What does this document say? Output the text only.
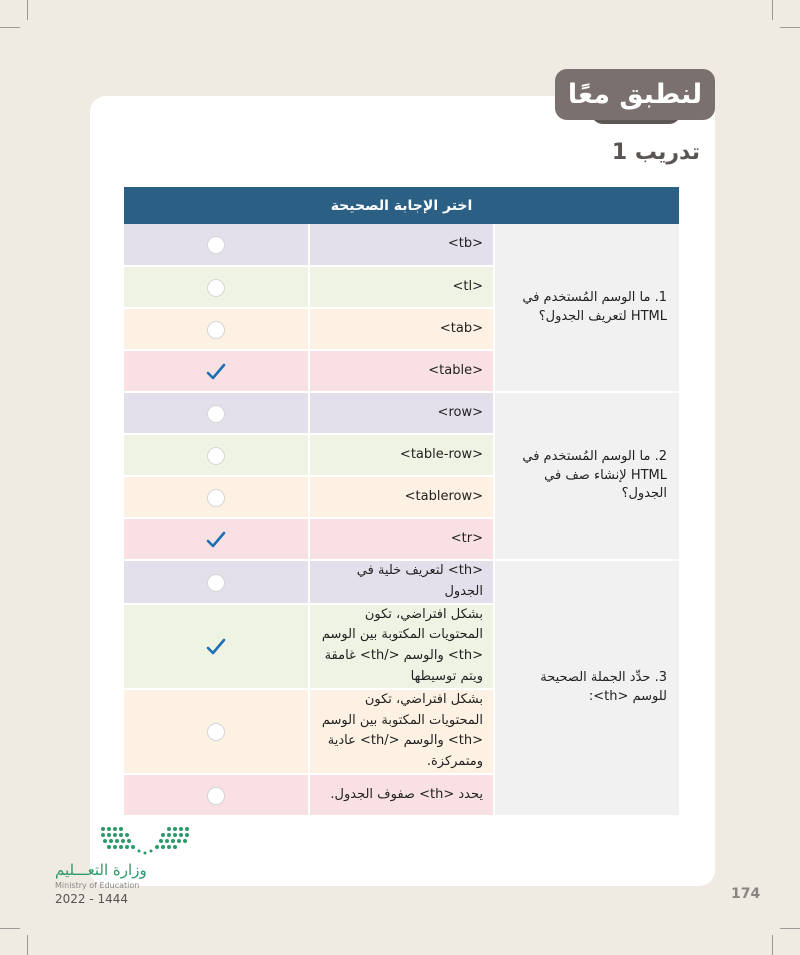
لنطبق معًا
تدريب 1
اختر الإجابة الصحيحة		
	<tb>	1. ما الوسم المُستخدم في HTML لتعريف الجدول؟
	<tl>	
	<tab>	
	<table>	
	<row>	2. ما الوسم المُستخدم في HTML لإنشاء صف في الجدول؟
	<table-row>	
	<tablerow>	
	<tr>	
	<th> لتعريف خلية في الجدول	3. حدِّد الجملة الصحيحة للوسم <th>:
	بشكل افتراضي، تكون المحتويات المكتوبة بين الوسم <th> والوسم </th> غامقة ويتم توسيطها	
	بشكل افتراضي، تكون المحتويات المكتوبة بين الوسم <th> والوسم </th> عادية ومتمركزة.	
	يحدد <th> صفوف الجدول.	
وزارة التعـــليم
Ministry of Education
2022 - 1444	174
